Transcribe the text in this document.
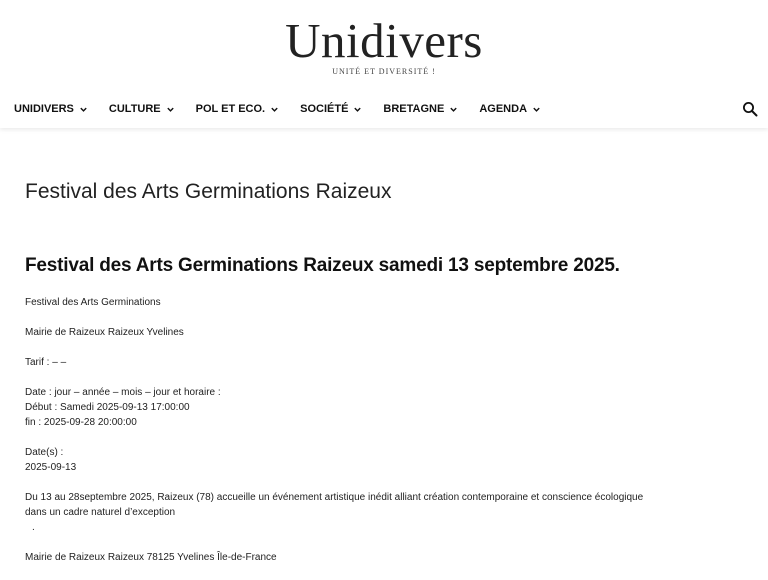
Unidivers
UNITÉ ET DIVERSITÉ !
UNIDIVERS	CULTURE	POL ET ECO.	SOCIÉTÉ	BRETAGNE	AGENDA
Festival des Arts Germinations Raizeux
Festival des Arts Germinations Raizeux samedi 13 septembre 2025.

Festival des Arts Germinations

Mairie de Raizeux Raizeux Yvelines

Tarif : – –

Date : jour – année – mois – jour et horaire :
Début : Samedi 2025-09-13 17:00:00
fin : 2025-09-28 20:00:00

Date(s) :
2025-09-13

Du 13 au 28septembre 2025, Raizeux (78) accueille un événement artistique inédit alliant création contemporaine et conscience écologique
dans un cadre naturel d’exception
.

Mairie de Raizeux Raizeux 78125 Yvelines Île-de-France
